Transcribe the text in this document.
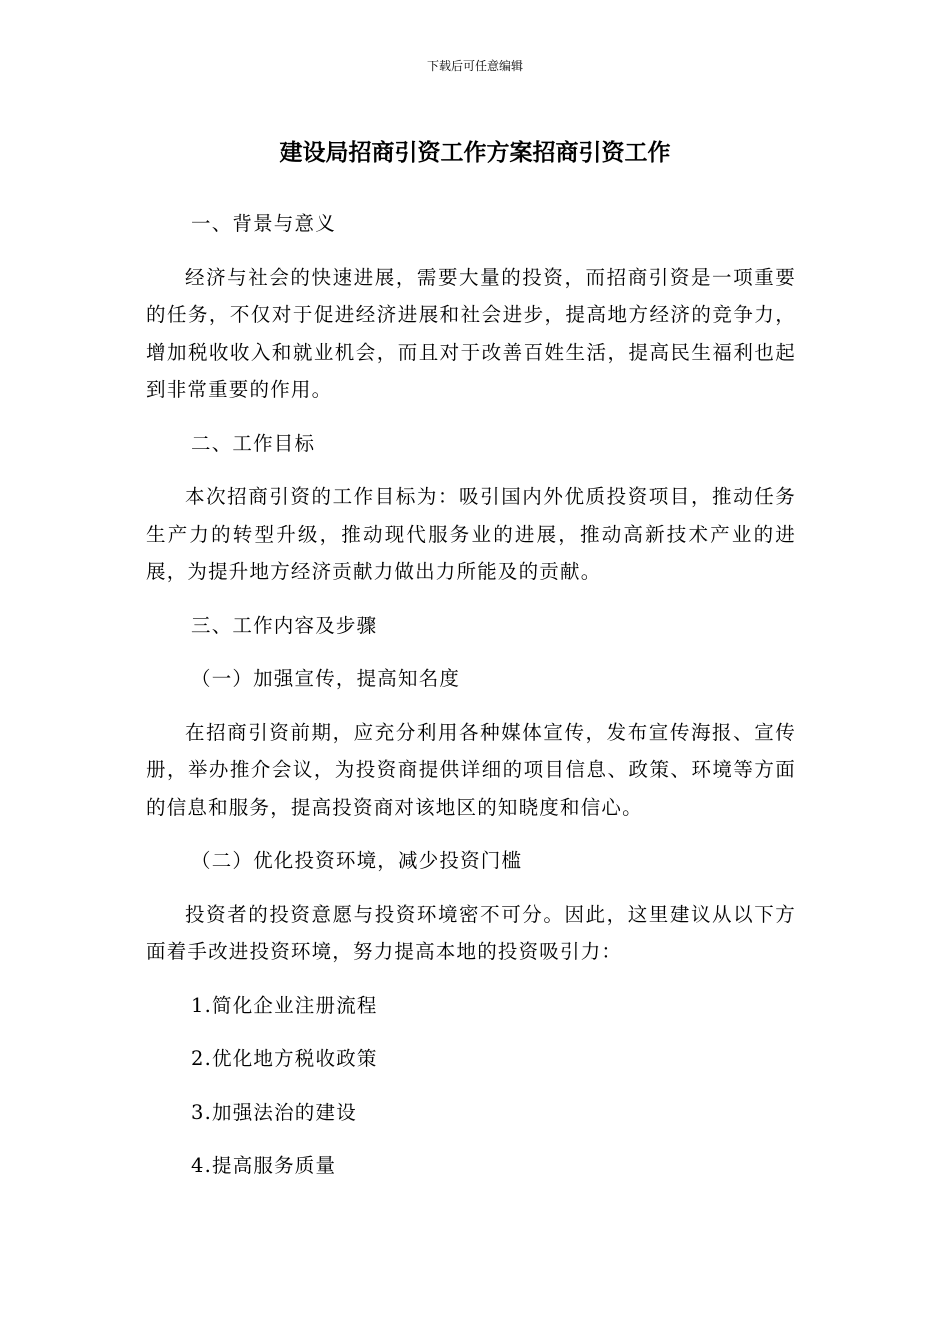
下载后可任意编辑
建设局招商引资工作方案招商引资工作
一、背景与意义

经济与社会的快速进展，需要大量的投资，而招商引资是一项重要的任务，不仅对于促进经济进展和社会进步，提高地方经济的竞争力，增加税收收入和就业机会，而且对于改善百姓生活，提高民生福利也起到非常重要的作用。

二、工作目标

本次招商引资的工作目标为：吸引国内外优质投资项目，推动任务生产力的转型升级，推动现代服务业的进展，推动高新技术产业的进展，为提升地方经济贡献力做出力所能及的贡献。

三、工作内容及步骤
（一）加强宣传，提高知名度

在招商引资前期，应充分利用各种媒体宣传，发布宣传海报、宣传册，举办推介会议，为投资商提供详细的项目信息、政策、环境等方面的信息和服务，提高投资商对该地区的知晓度和信心。

（二）优化投资环境，减少投资门槛

投资者的投资意愿与投资环境密不可分。因此，这里建议从以下方面着手改进投资环境，努力提高本地的投资吸引力：

1.简化企业注册流程
2.优化地方税收政策
3.加强法治的建设
4.提高服务质量
